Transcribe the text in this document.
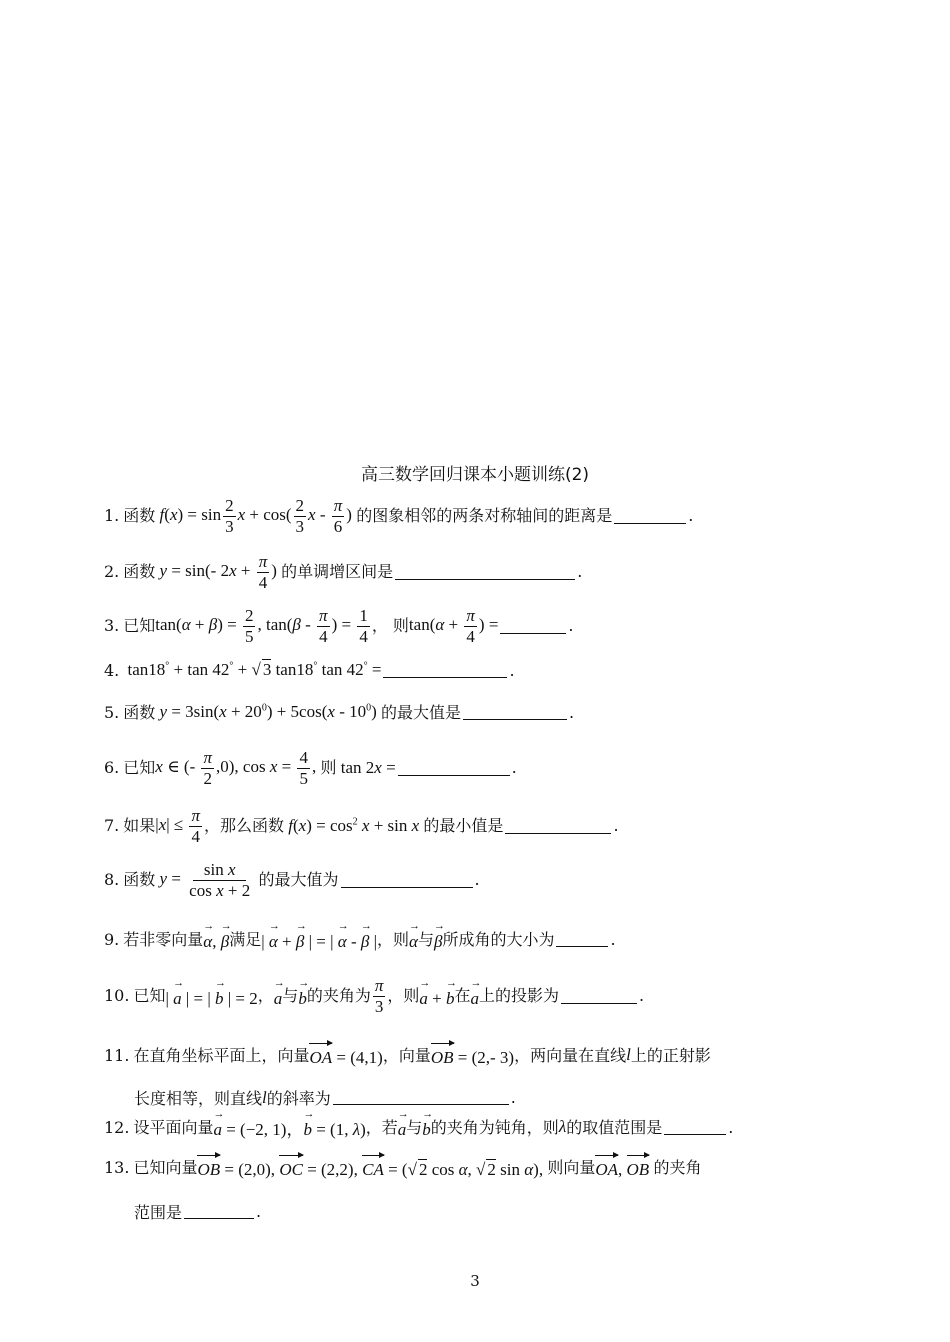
高三数学回归课本小题训练(2)
1. 函数 $f(x) = \sin \frac{2}{3}$ $x + \cos( \frac{2}{3}$ x - $\frac{\pi}{6}$ ) 的图象相邻的两条对称轴间的距离是	.
2. 函数 y = sin(- $2x + \frac{\pi}{4}$ ) 的单调增区间是	.
3. 已知 $\tan(\alpha + \beta) = \frac{2}{5}$ , $\tan(\beta - \frac{\pi}{4}$ ) = $\frac{1}{4}$ ， 则 $\tan(\alpha + \frac{\pi}{4}$ ) =	.
4. tan18° + tan 42° + √ 3 tan18° tan 42° =	.
5. 函数 $y = 3\sin(x + 20^0) + 5\cos(x - 10^0)$ 的最大值是	.
6. 已知 x ∈ (- $\frac{\pi}{2} ,0$), $\cos x = \frac{4}{5}$ , 则 tan 2x =	.
7. 如果 $|x| \le \frac{\pi}{4}$ ，那么函数 $f(x) = \cos^2 x + \sin x$ 的最小值是	.
8. 函数 $y = \frac{\text{sin x}}{\text{cos x + 2}}$
的最大值为	.
9. 若非零向量 → α, → β 满足 | → α + → β | = | → α - → β | ，则 → α 与 → β 所成角的大小为	.
10. 已知 | → a | = | → b | = 2 ， → a 与 → b 的夹角为 $\frac{\pi}{3}$ ，则 → a + → b 在 → a 上的投影为	.
11. 在直角坐标平面上，向量 OA = (4,1) ，向量 OB = (2,- 3) ，两向量在直线 l 上的正射影
长度相等，则直线 l 的斜率为	.
12. 设平面向量 → a = (−2, 1)，→ b = (1, λ) ，若 → a 与 → b 的夹角为钝角，则 λ 的取值范围是	.
13. 已知向量 OB = (2,0), OC = (2,2), CA = (√ 2 cos α, √ 2 sin α), 则向量 OA, OB 的夹角
范围是	.
3
